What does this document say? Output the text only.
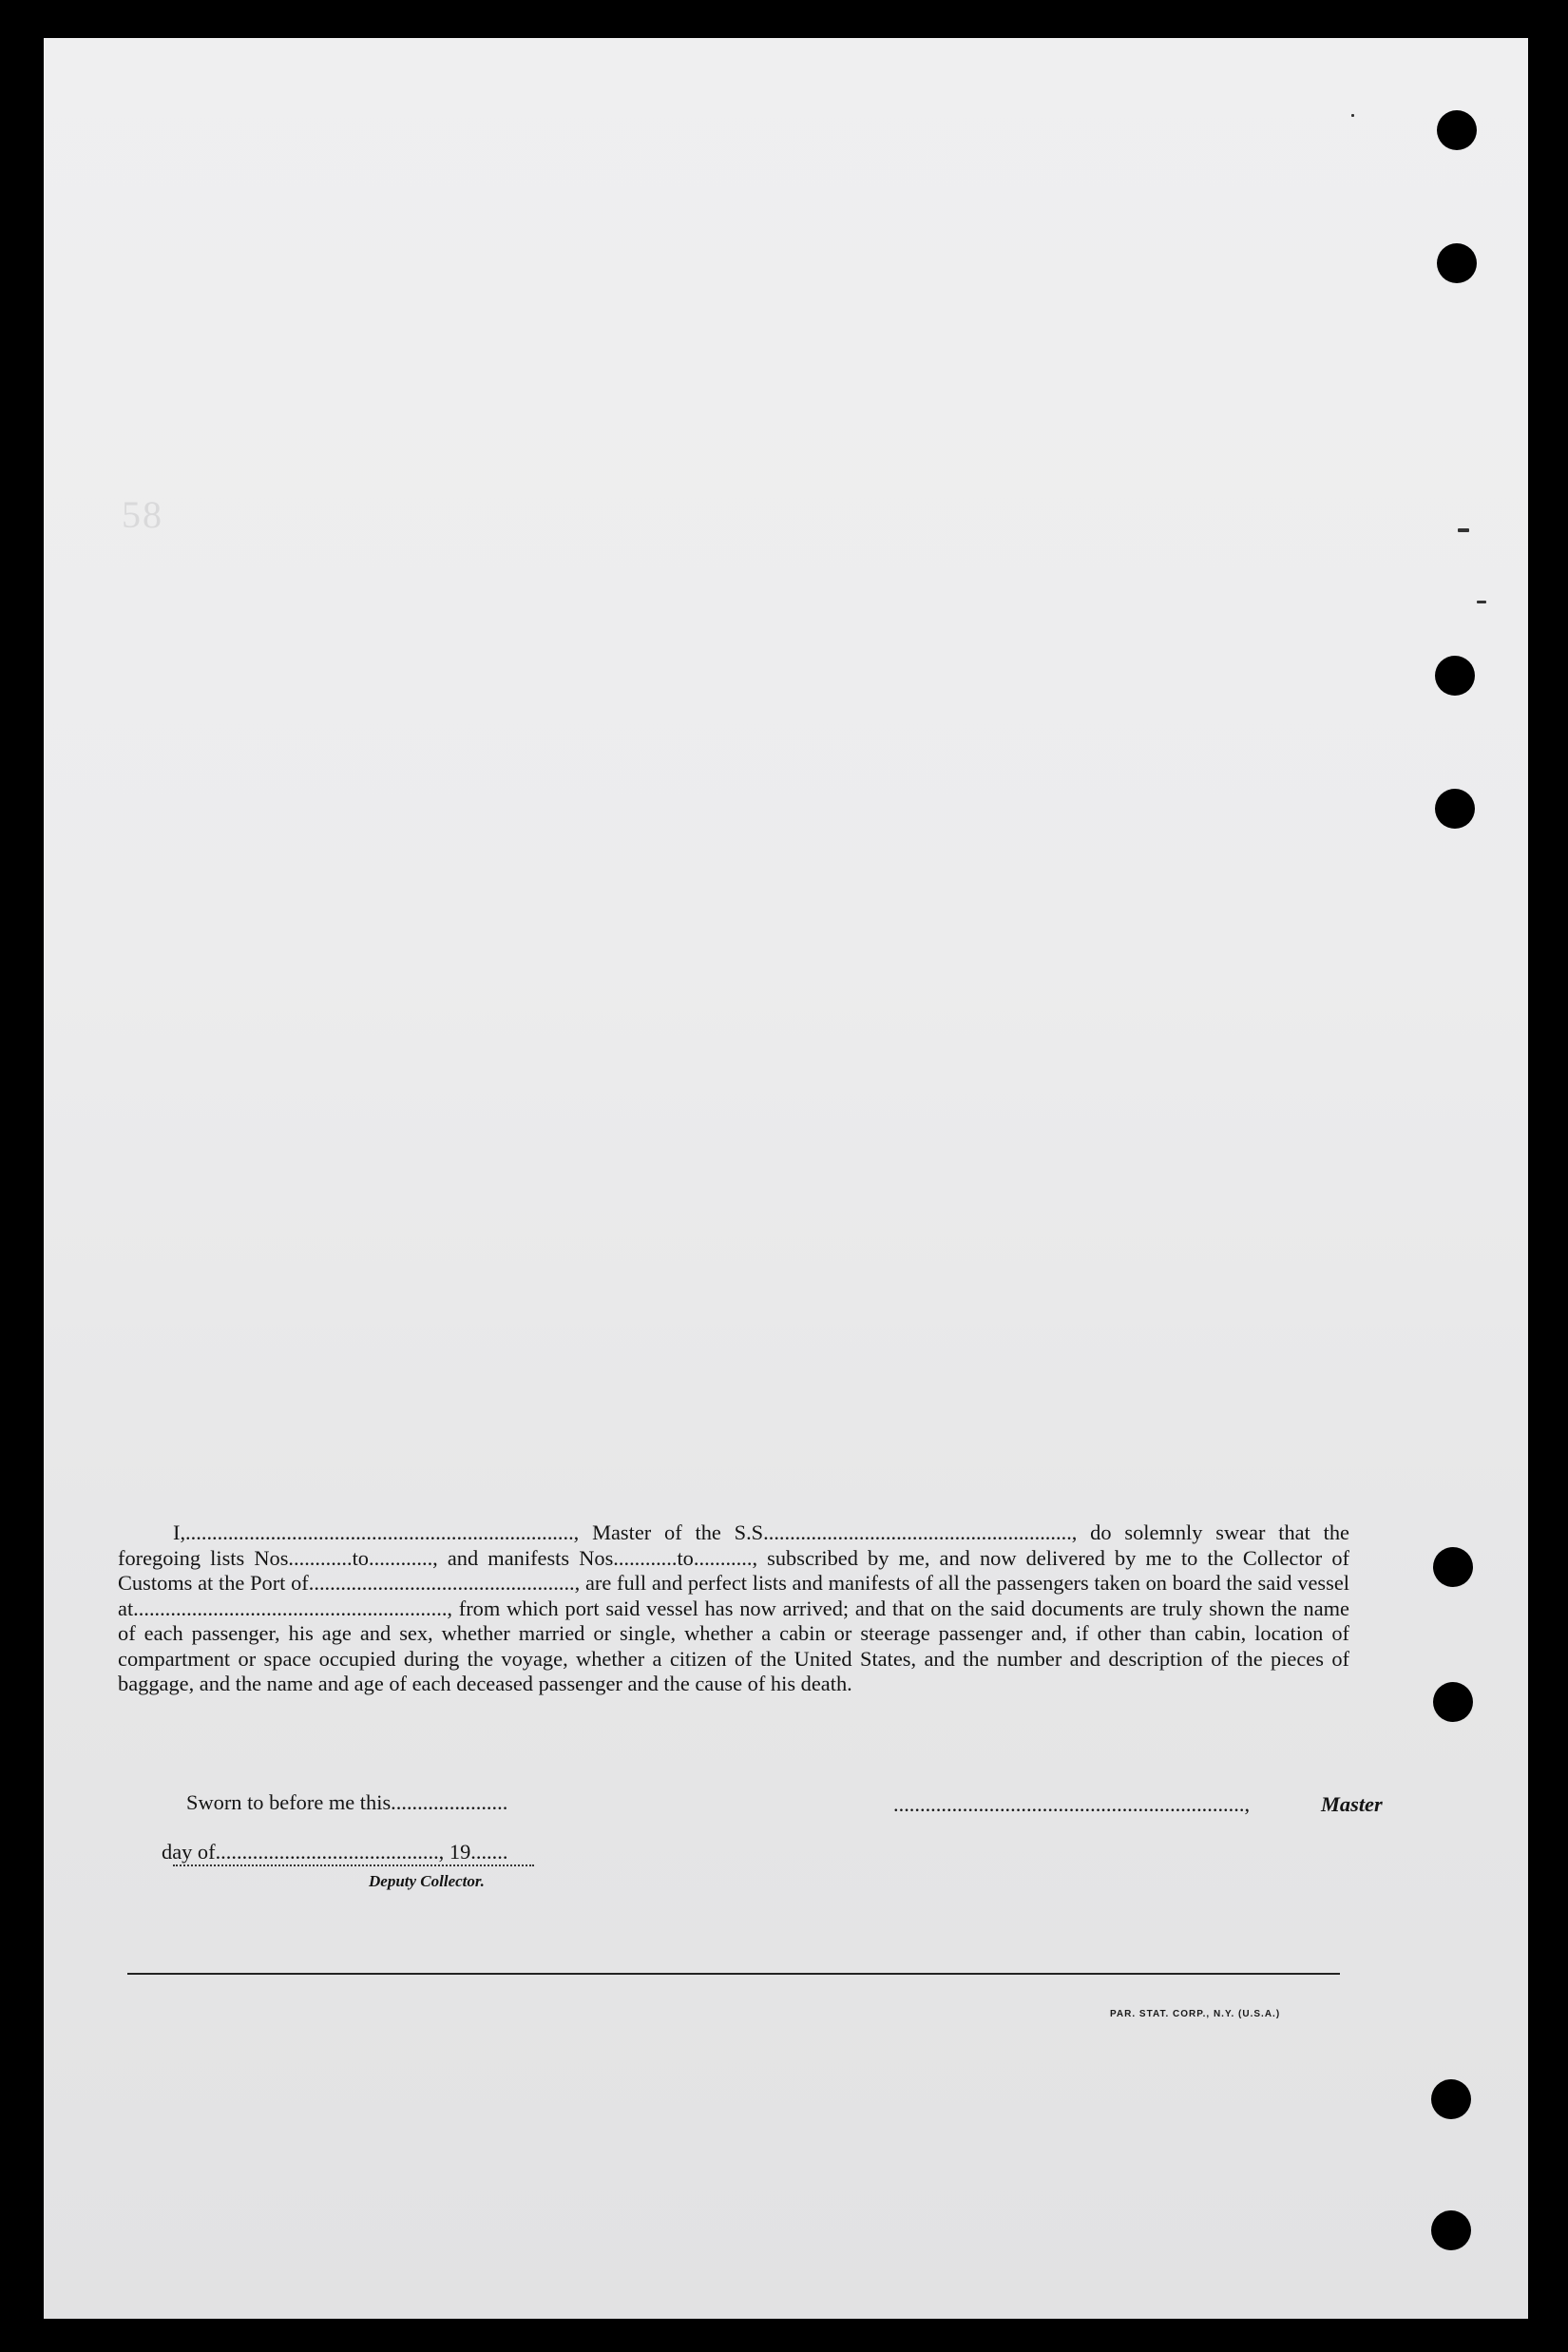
58

I,........................................................................., Master of the S.S.........................................................., do solemnly swear that the foregoing lists Nos............to............, and manifests Nos............to..........., subscribed by me, and now delivered by me to the Collector of Customs at the Port of.................................................., are full and perfect lists and manifests of all the passengers taken on board the said vessel at..........................................................., from which port said vessel has now arrived; and that on the said documents are truly shown the name of each passenger, his age and sex, whether married or single, whether a cabin or steerage passenger and, if other than cabin, location of compartment or space occupied during the voyage, whether a citizen of the United States, and the number and description of the pieces of baggage, and the name and age of each deceased passenger and the cause of his death.

Sworn to before me this......................	..................................................................,	Master
day of.........................................., 19.......
Deputy Collector.
PAR. STAT. CORP., N.Y. (U.S.A.)
